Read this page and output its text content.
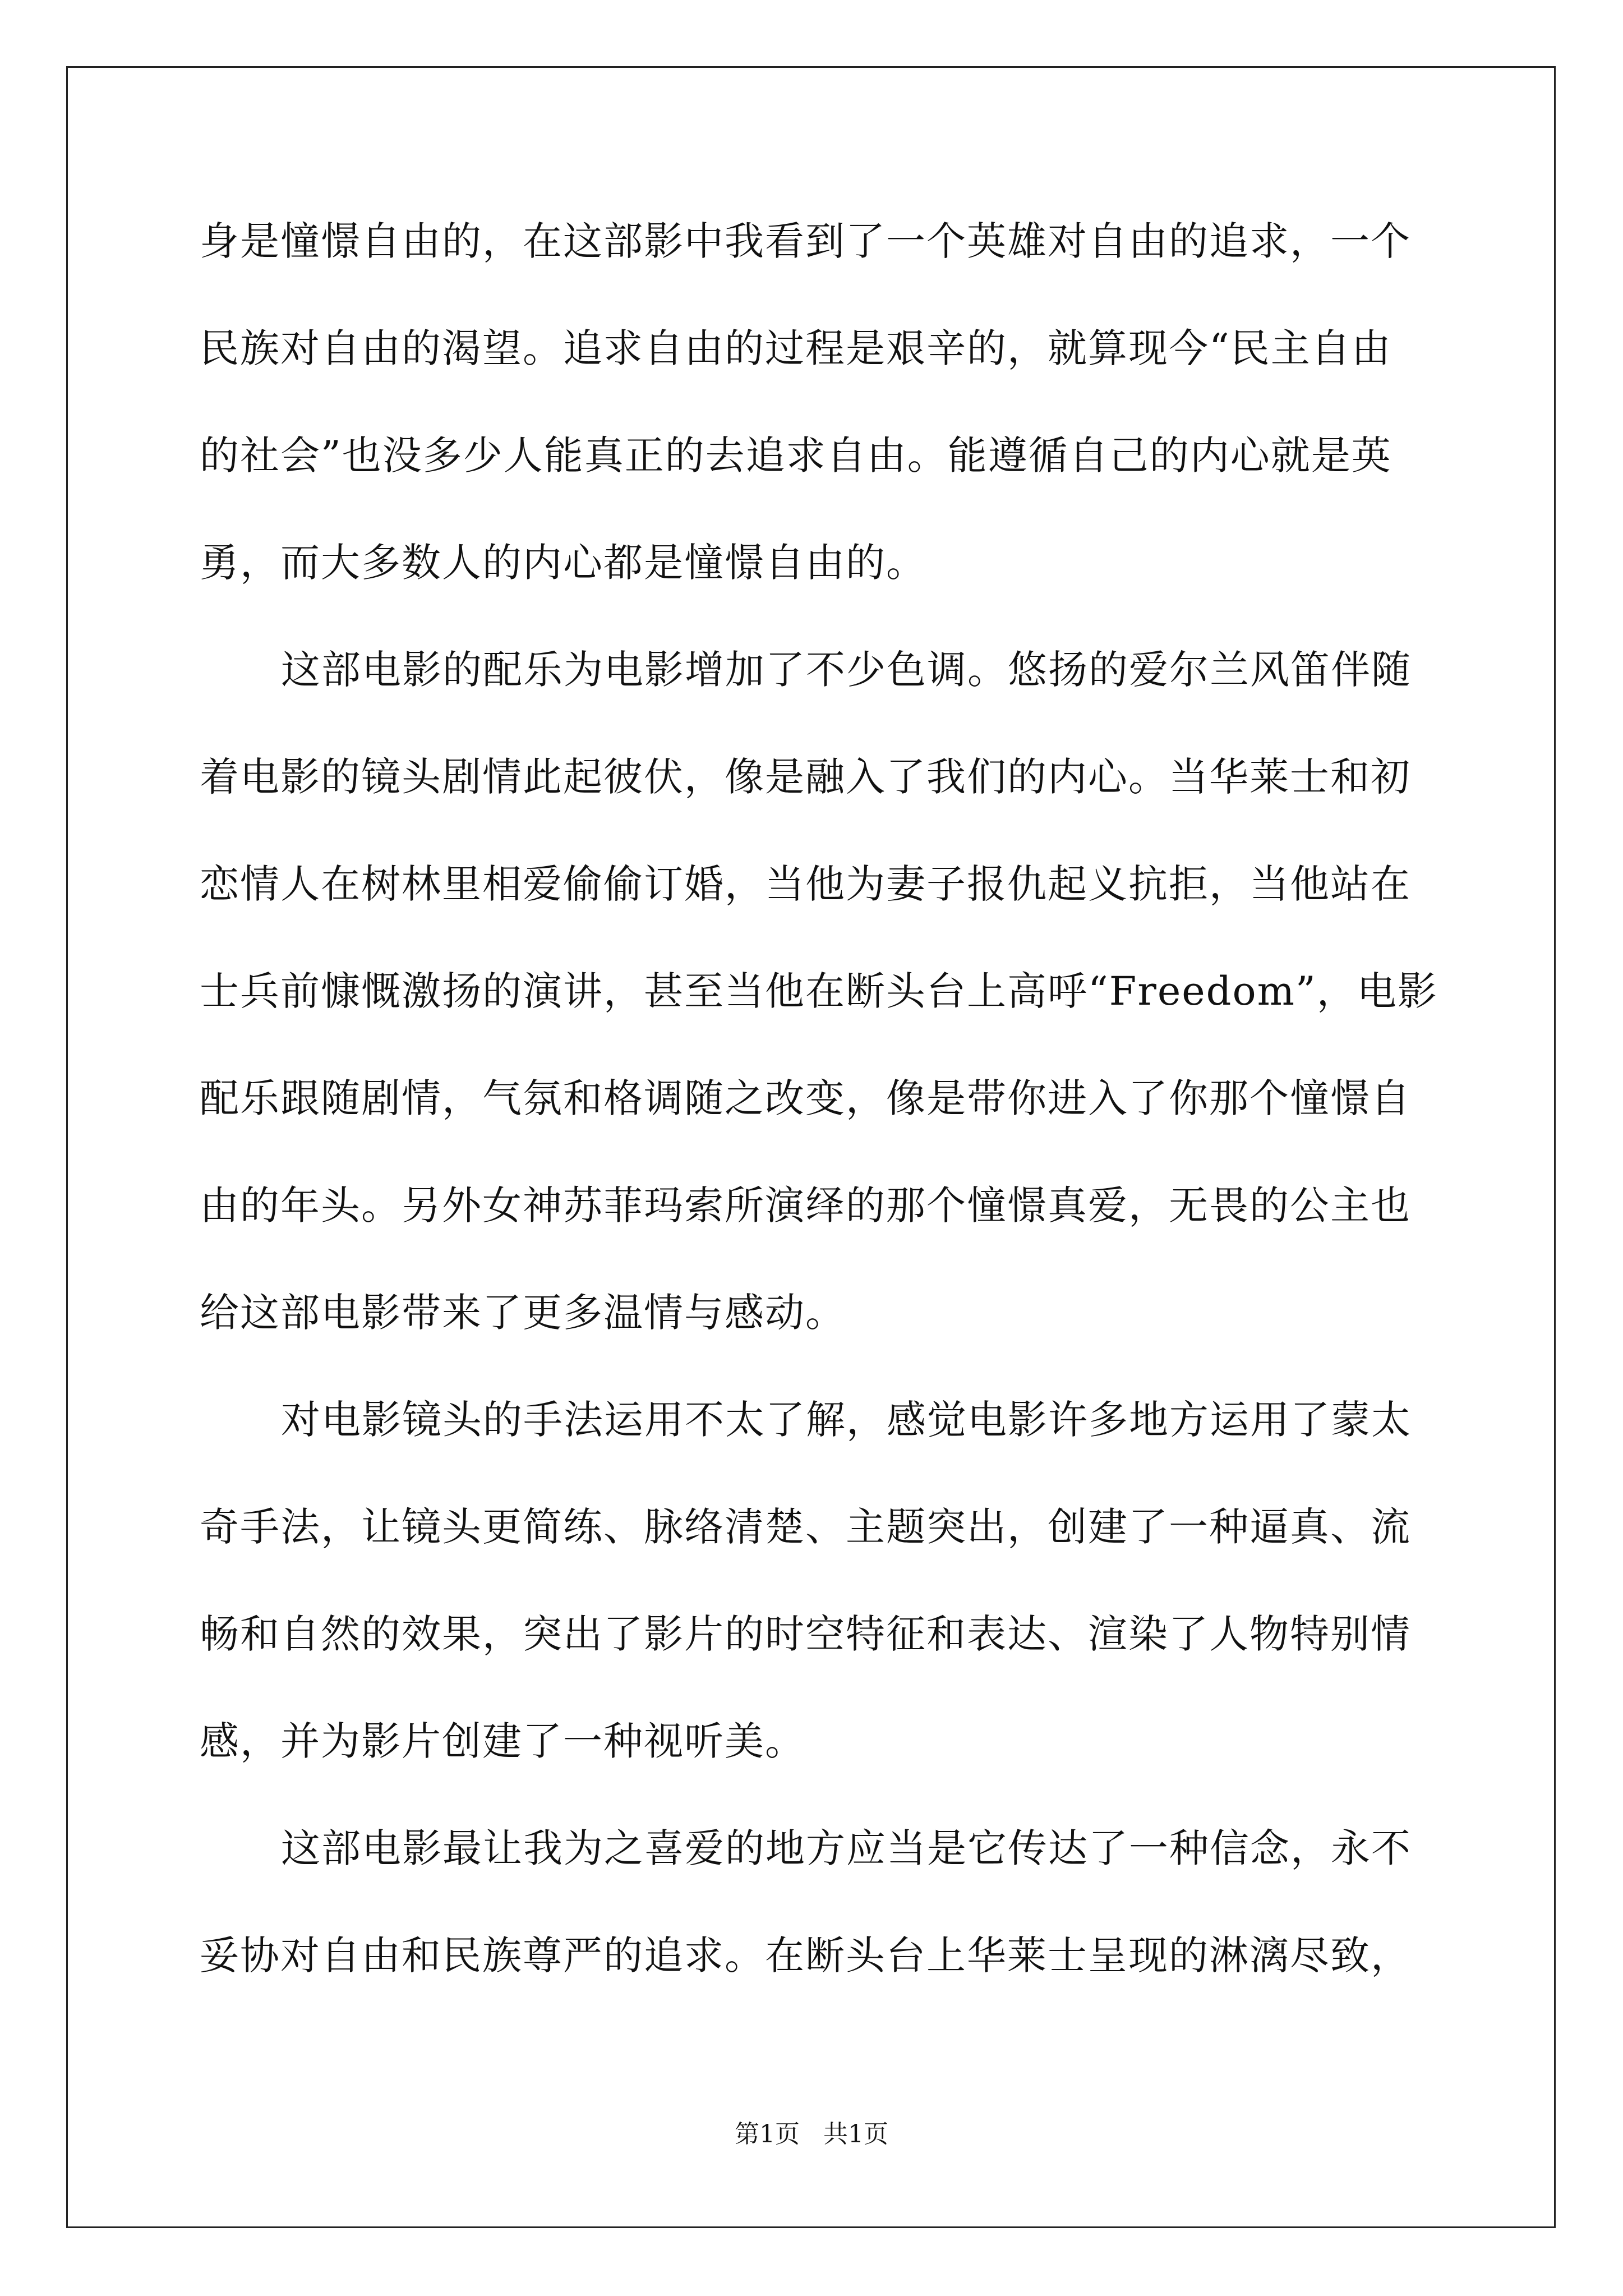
身是憧憬自由的，在这部影中我看到了一个英雄对自由的追求，一个
民族对自由的渴望。追求自由的过程是艰辛的，就算现今“民主自由
的社会”也没多少人能真正的去追求自由。能遵循自己的内心就是英
勇，而大多数人的内心都是憧憬自由的。
这部电影的配乐为电影增加了不少色调。悠扬的爱尔兰风笛伴随
着电影的镜头剧情此起彼伏，像是融入了我们的内心。当华莱士和初
恋情人在树林里相爱偷偷订婚，当他为妻子报仇起义抗拒，当他站在
士兵前慷慨激扬的演讲，甚至当他在断头台上高呼“Freedom”，电影
配乐跟随剧情，气氛和格调随之改变，像是带你进入了你那个憧憬自
由的年头。另外女神苏菲玛索所演绎的那个憧憬真爱，无畏的公主也
给这部电影带来了更多温情与感动。
对电影镜头的手法运用不太了解，感觉电影许多地方运用了蒙太
奇手法，让镜头更简练、脉络清楚、主题突出，创建了一种逼真、流
畅和自然的效果，突出了影片的时空特征和表达、渲染了人物特别情
感，并为影片创建了一种视听美。
这部电影最让我为之喜爱的地方应当是它传达了一种信念，永不
妥协对自由和民族尊严的追求。在断头台上华莱士呈现的淋漓尽致，
第1页   共1页
